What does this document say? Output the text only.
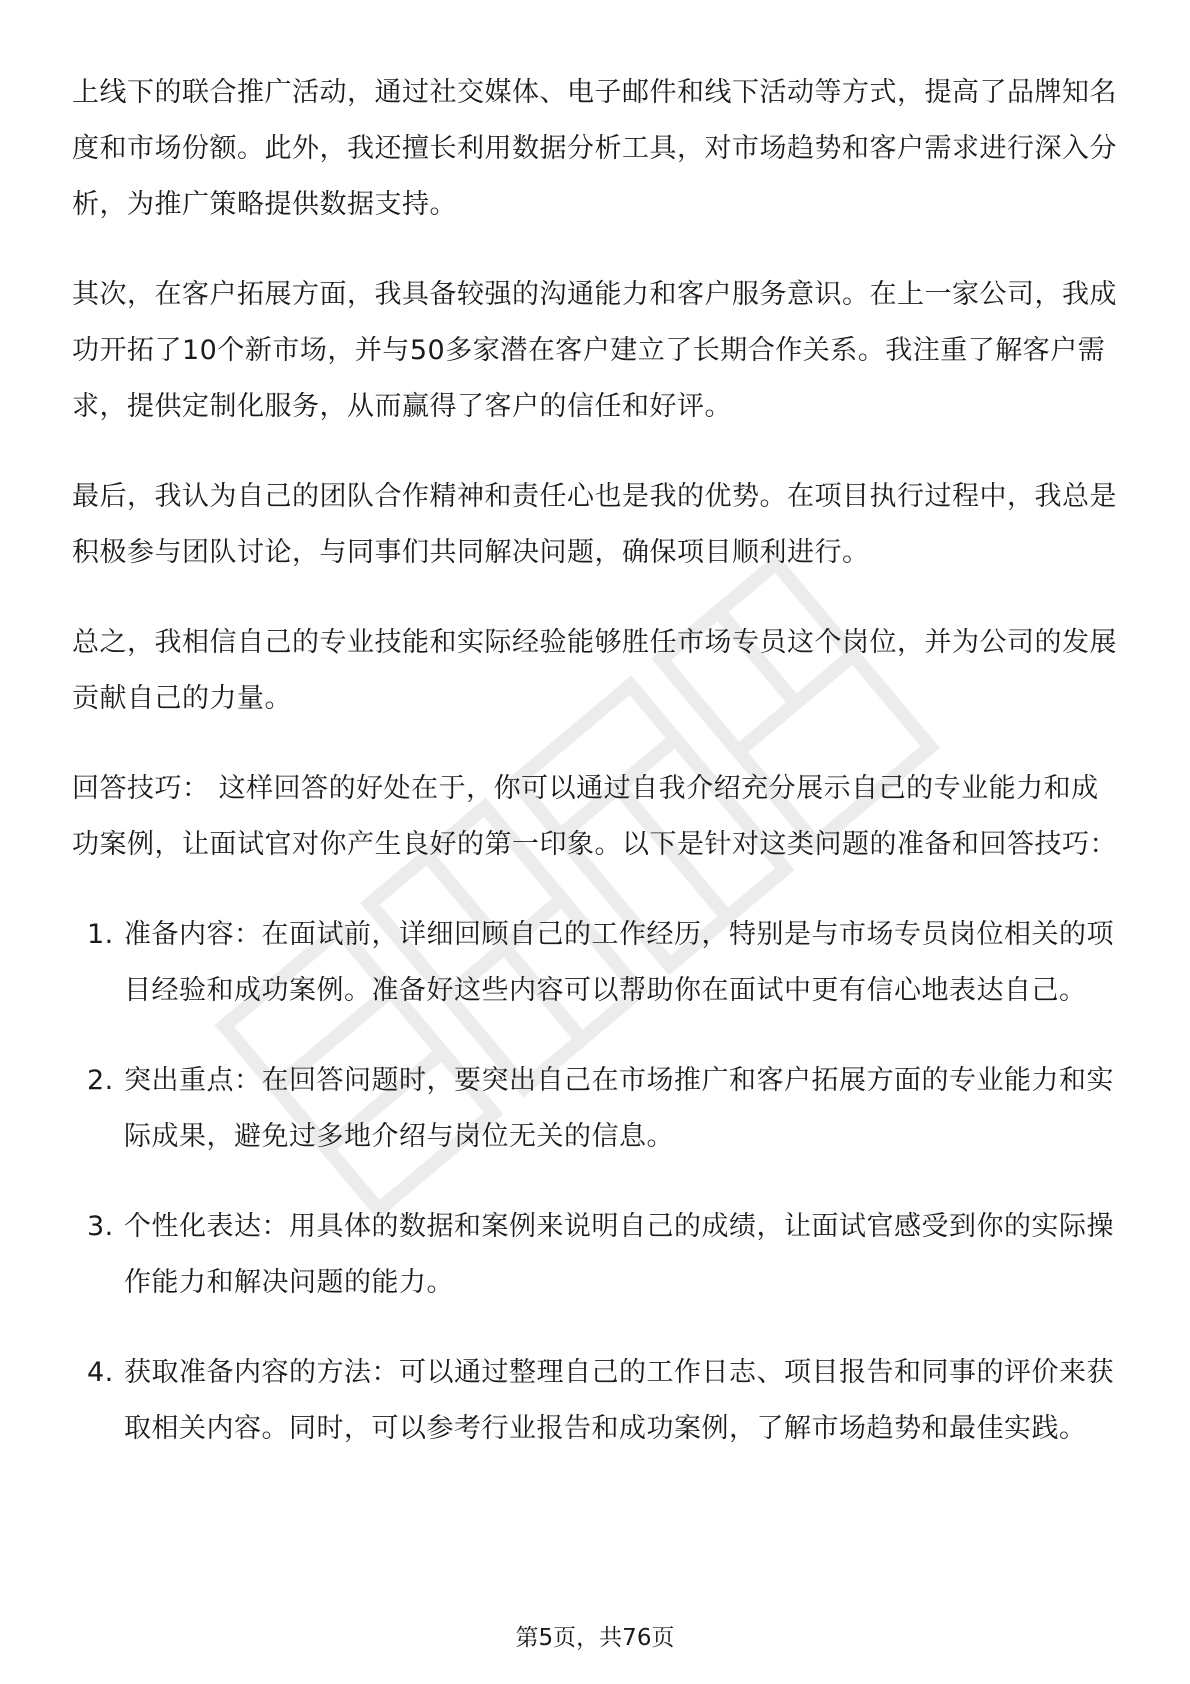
上线下的联合推广活动，通过社交媒体、电子邮件和线下活动等方式，提高了品牌知名度和市场份额。此外，我还擅长利用数据分析工具，对市场趋势和客户需求进行深入分析，为推广策略提供数据支持。

其次，在客户拓展方面，我具备较强的沟通能力和客户服务意识。在上一家公司，我成功开拓了10个新市场，并与50多家潜在客户建立了长期合作关系。我注重了解客户需求，提供定制化服务，从而赢得了客户的信任和好评。

最后，我认为自己的团队合作精神和责任心也是我的优势。在项目执行过程中，我总是积极参与团队讨论，与同事们共同解决问题，确保项目顺利进行。

总之，我相信自己的专业技能和实际经验能够胜任市场专员这个岗位，并为公司的发展贡献自己的力量。

回答技巧： 这样回答的好处在于，你可以通过自我介绍充分展示自己的专业能力和成功案例，让面试官对你产生良好的第一印象。以下是针对这类问题的准备和回答技巧：

1. 准备内容：在面试前，详细回顾自己的工作经历，特别是与市场专员岗位相关的项目经验和成功案例。准备好这些内容可以帮助你在面试中更有信心地表达自己。
2. 突出重点：在回答问题时，要突出自己在市场推广和客户拓展方面的专业能力和实际成果，避免过多地介绍与岗位无关的信息。
3. 个性化表达：用具体的数据和案例来说明自己的成绩，让面试官感受到你的实际操作能力和解决问题的能力。
4. 获取准备内容的方法：可以通过整理自己的工作日志、项目报告和同事的评价来获取相关内容。同时，可以参考行业报告和成功案例，了解市场趋势和最佳实践。
第5页，共76页
